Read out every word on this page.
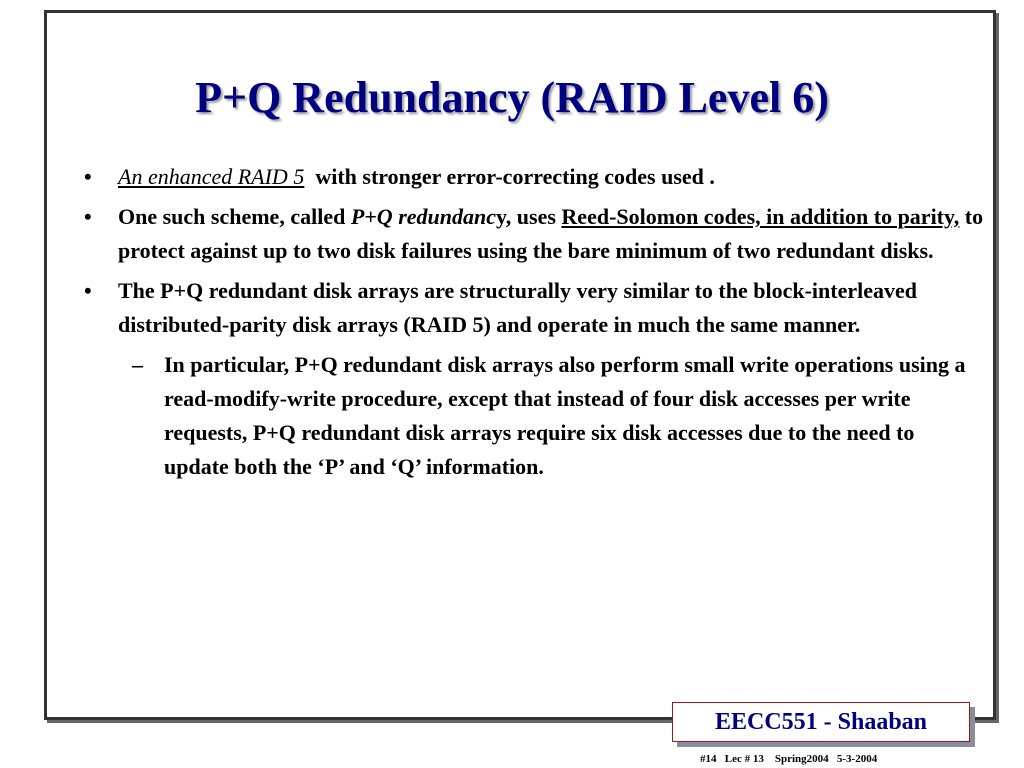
P+Q Redundancy (RAID Level 6)
• An enhanced RAID 5  with stronger error-correcting codes used .
• One such scheme, called P+Q redundancy, uses Reed-Solomon codes, in addition to parity, to protect against up to two disk failures using the bare minimum of two redundant disks.
• The P+Q redundant disk arrays are structurally very similar to the block-interleaved distributed-parity disk arrays (RAID 5) and operate in much the same manner.
– In particular, P+Q redundant disk arrays also perform small write operations using a read-modify-write procedure, except that instead of four disk accesses per write requests, P+Q redundant disk arrays require six disk accesses due to the need to update both the ‘P’ and ‘Q’ information.
EECC551 - Shaaban
#14   Lec # 13    Spring2004   5-3-2004
